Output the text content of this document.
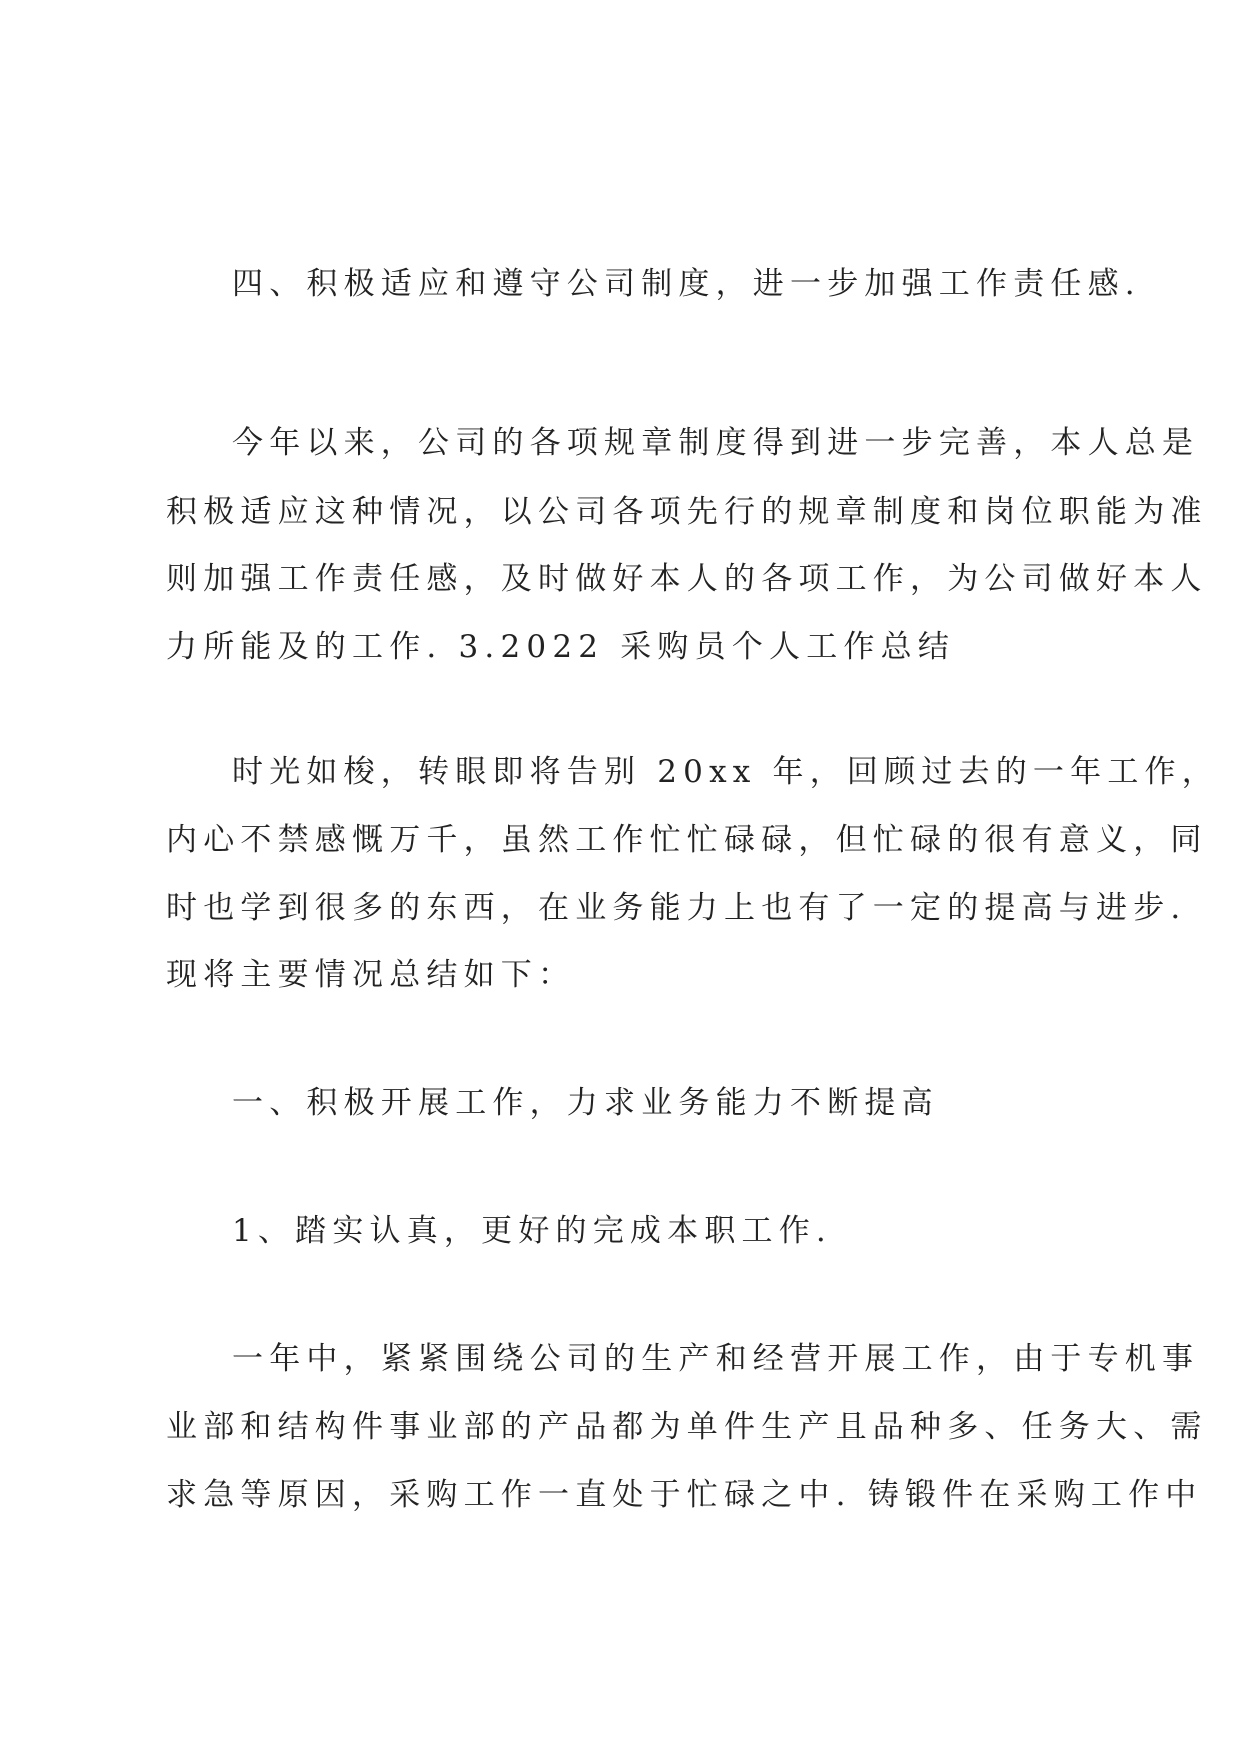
四、积极适应和遵守公司制度，进一步加强工作责任感.

今年以来，公司的各项规章制度得到进一步完善，本人总是

积极适应这种情况，以公司各项先行的规章制度和岗位职能为准

则加强工作责任感，及时做好本人的各项工作，为公司做好本人

力所能及的工作. 3.2022 采购员个人工作总结

时光如梭，转眼即将告别 20xx 年，回顾过去的一年工作，

内心不禁感慨万千，虽然工作忙忙碌碌，但忙碌的很有意义，同

时也学到很多的东西，在业务能力上也有了一定的提高与进步.

现将主要情况总结如下：

一、积极开展工作，力求业务能力不断提高

1、踏实认真，更好的完成本职工作.

一年中，紧紧围绕公司的生产和经营开展工作，由于专机事

业部和结构件事业部的产品都为单件生产且品种多、任务大、需

求急等原因，采购工作一直处于忙碌之中. 铸锻件在采购工作中
